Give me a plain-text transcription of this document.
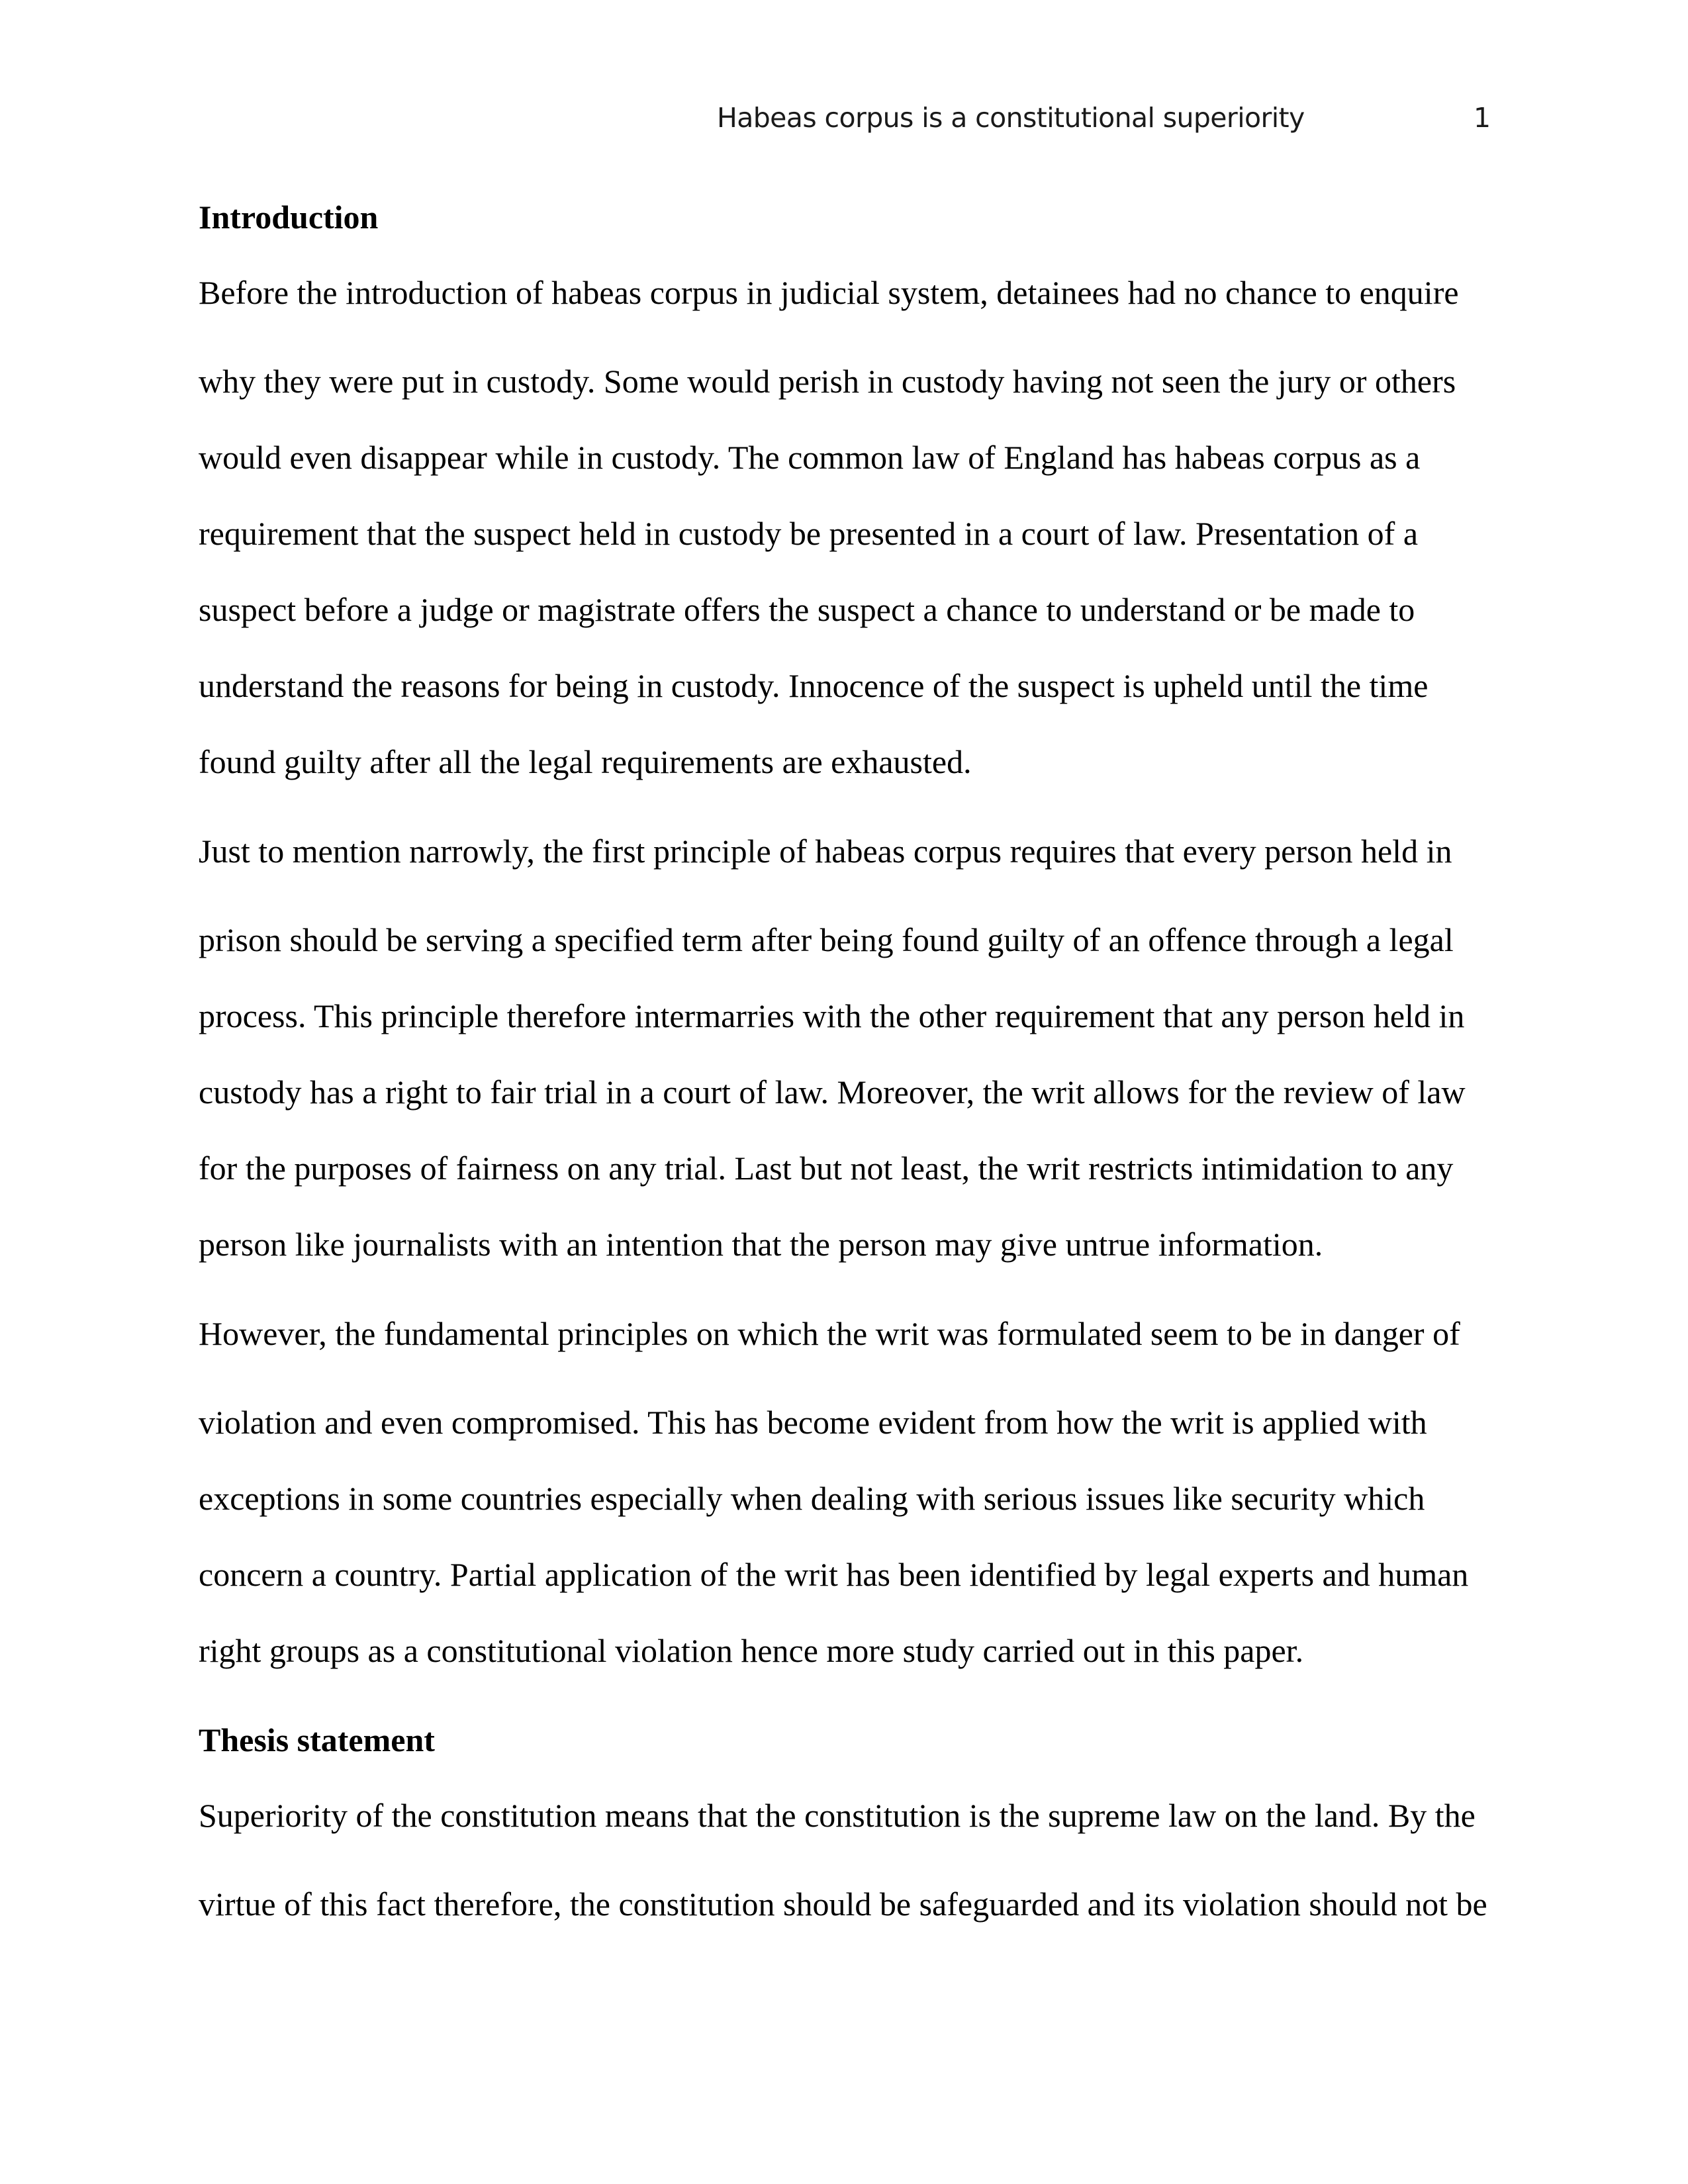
Habeas corpus is a constitutional superiority	1
Introduction
Before the introduction of habeas corpus in judicial system, detainees had no chance to enquire
why they were put in custody. Some would perish in custody having not seen the jury or others
would even disappear while in custody. The common law of England has habeas corpus as a
requirement that the suspect held in custody be presented in a court of law. Presentation of a
suspect before a judge or magistrate offers the suspect a chance to understand or be made to
understand the reasons for being in custody. Innocence of the suspect is upheld until the time
found guilty after all the legal requirements are exhausted.
Just to mention narrowly, the first principle of habeas corpus requires that every person held in
prison should be serving a specified term after being found guilty of an offence through a legal
process. This principle therefore intermarries with the other requirement that any person held in
custody has a right to fair trial in a court of law. Moreover, the writ allows for the review of law
for the purposes of fairness on any trial. Last but not least, the writ restricts intimidation to any
person like journalists with an intention that the person may give untrue information.
However, the fundamental principles on which the writ was formulated seem to be in danger of
violation and even compromised. This has become evident from how the writ is applied with
exceptions in some countries especially when dealing with serious issues like security which
concern a country. Partial application of the writ has been identified by legal experts and human
right groups as a constitutional violation hence more study carried out in this paper.
Thesis statement
Superiority of the constitution means that the constitution is the supreme law on the land. By the
virtue of this fact therefore, the constitution should be safeguarded and its violation should not be
